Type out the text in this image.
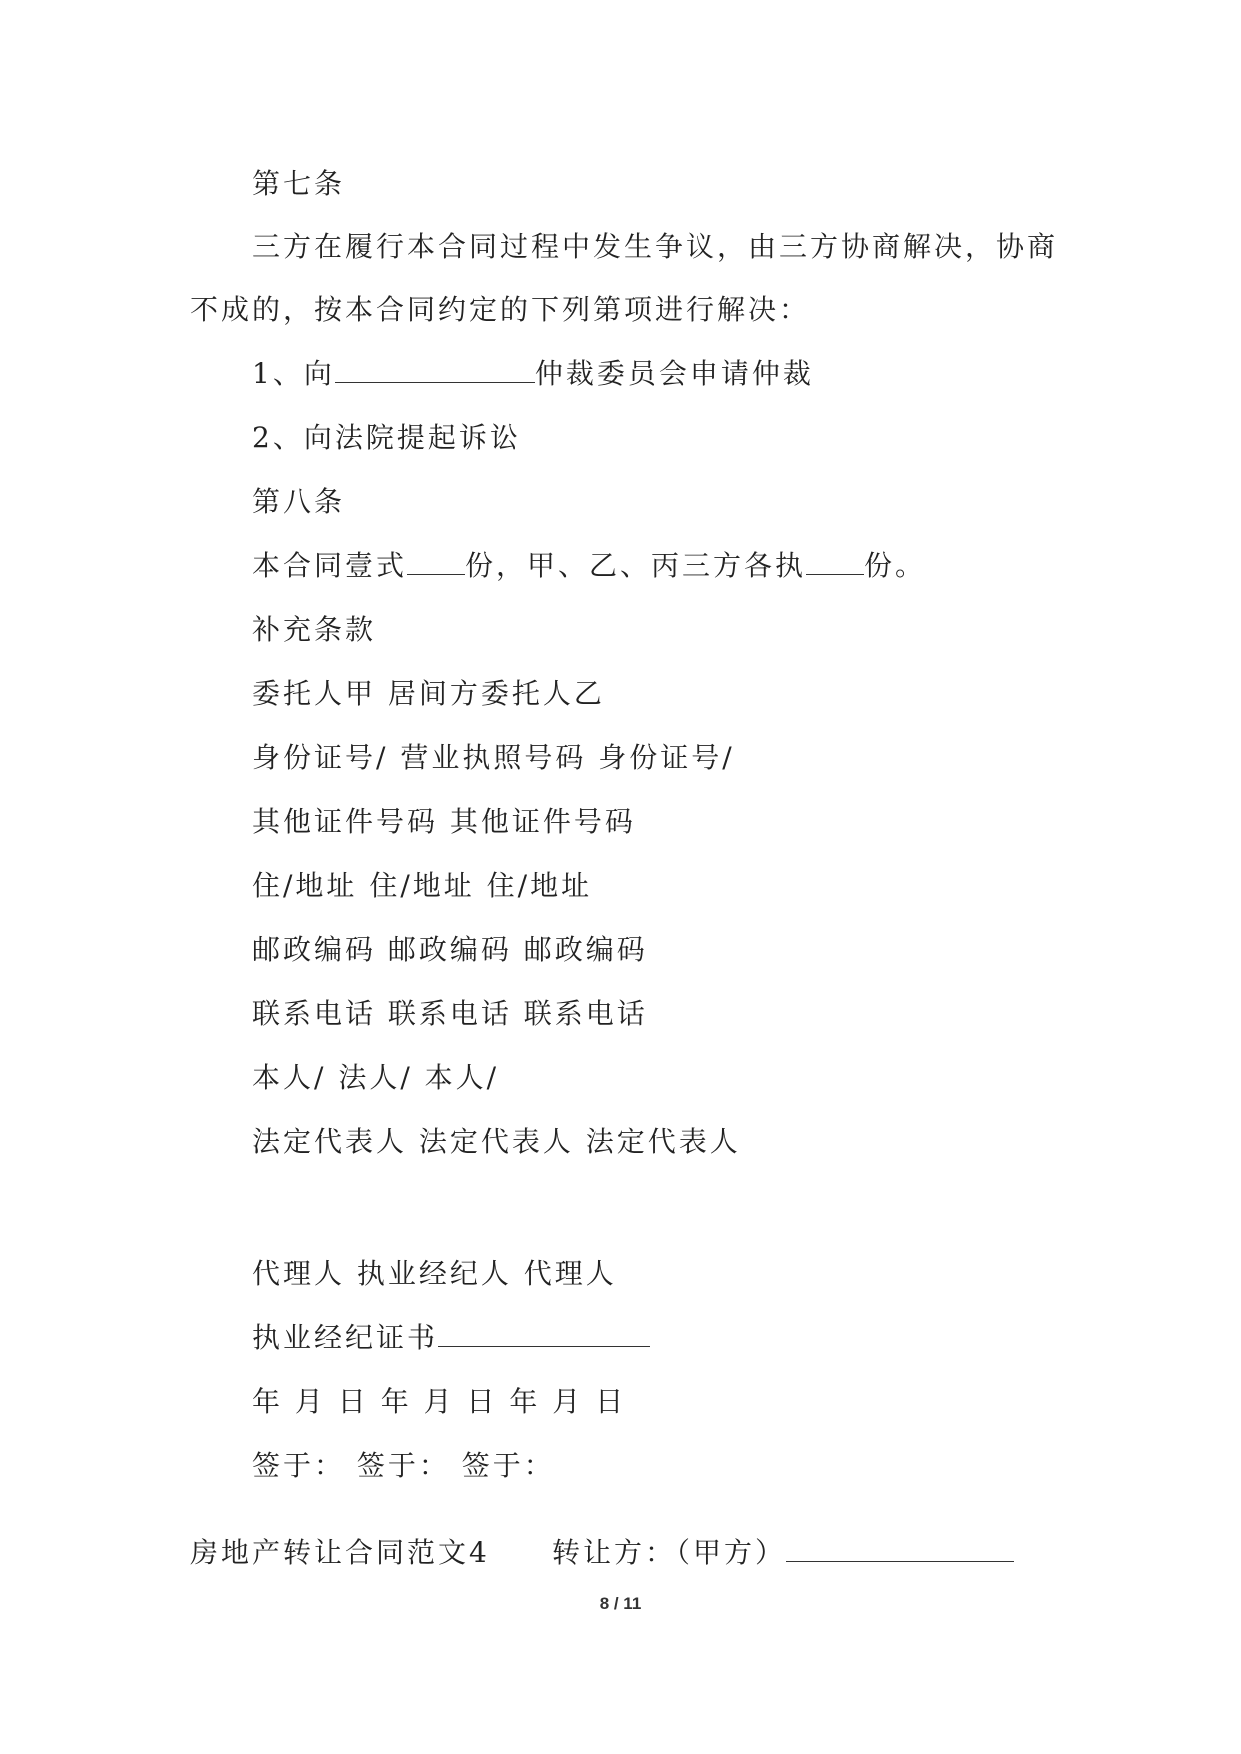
第七条
三方在履行本合同过程中发生争议，由三方协商解决，协商
不成的，按本合同约定的下列第项进行解决：
1、向	仲裁委员会申请仲裁
2、向法院提起诉讼
第八条
本合同壹式 份，甲、乙、丙三方各执 份。
补充条款
委托人甲 居间方委托人乙
身份证号/ 营业执照号码 身份证号/
其他证件号码 其他证件号码
住/地址 住/地址 住/地址
邮政编码 邮政编码 邮政编码
联系电话 联系电话 联系电话
本人/ 法人/ 本人/
法定代表人 法定代表人 法定代表人
代理人 执业经纪人 代理人
执业经纪证书
年 月 日 年 月 日 年 月 日
签于： 签于： 签于：
房地产转让合同范文4 转让方：（甲方）
8 / 11
